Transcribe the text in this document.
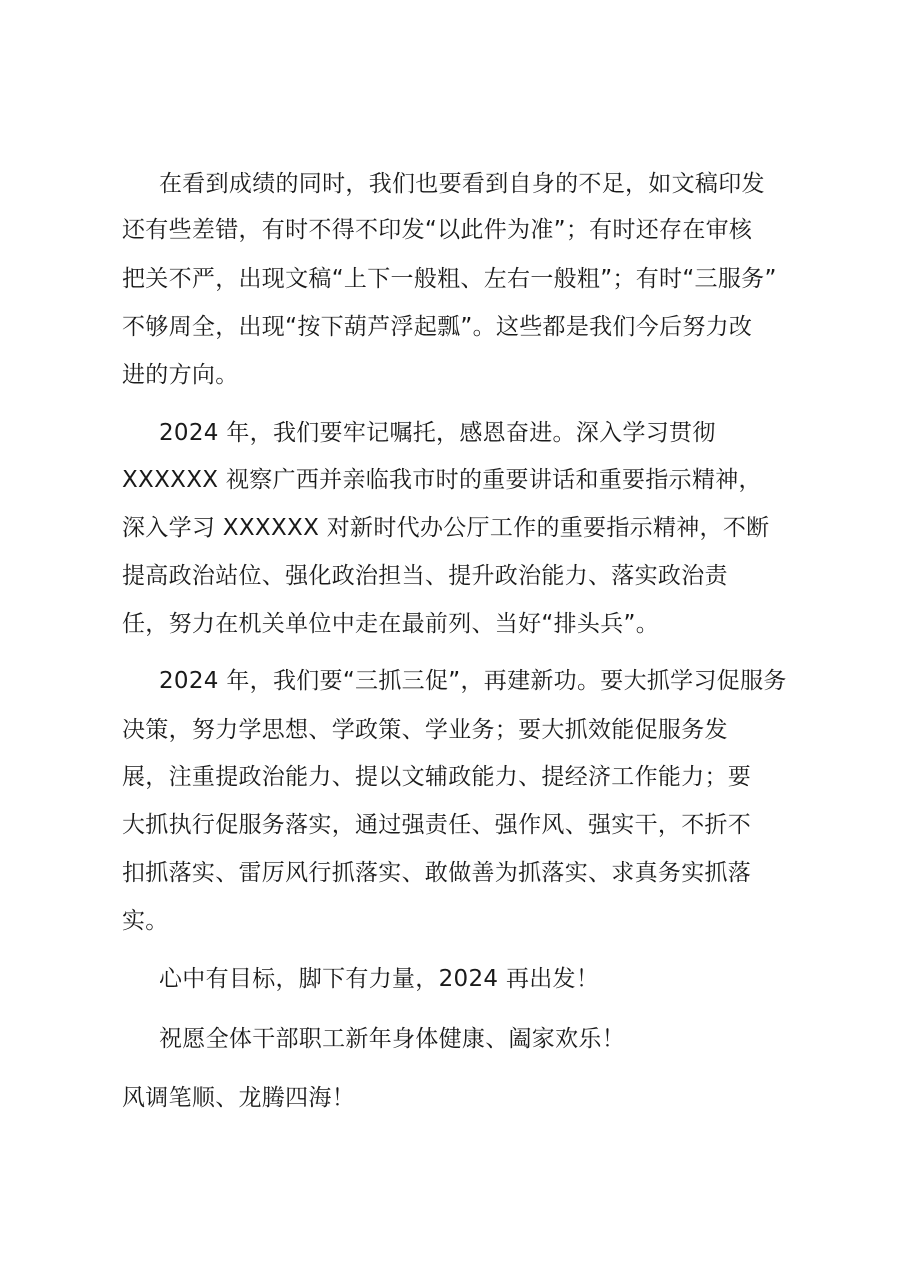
在看到成绩的同时，我们也要看到自身的不足，如文稿印发
还有些差错，有时不得不印发“以此件为准”；有时还存在审核
把关不严，出现文稿“上下一般粗、左右一般粗”；有时“三服务”
不够周全，出现“按下葫芦浮起瓢”。这些都是我们今后努力改
进的方向。
2024 年，我们要牢记嘱托，感恩奋进。深入学习贯彻
XXXXXX 视察广西并亲临我市时的重要讲话和重要指示精神，
深入学习 XXXXXX 对新时代办公厅工作的重要指示精神，不断
提高政治站位、强化政治担当、提升政治能力、落实政治责
任，努力在机关单位中走在最前列、当好“排头兵”。
2024 年，我们要“三抓三促”，再建新功。要大抓学习促服务
决策，努力学思想、学政策、学业务；要大抓效能促服务发
展，注重提政治能力、提以文辅政能力、提经济工作能力；要
大抓执行促服务落实，通过强责任、强作风、强实干，不折不
扣抓落实、雷厉风行抓落实、敢做善为抓落实、求真务实抓落
实。
心中有目标，脚下有力量，2024 再出发！
祝愿全体干部职工新年身体健康、阖家欢乐！
风调笔顺、龙腾四海！
